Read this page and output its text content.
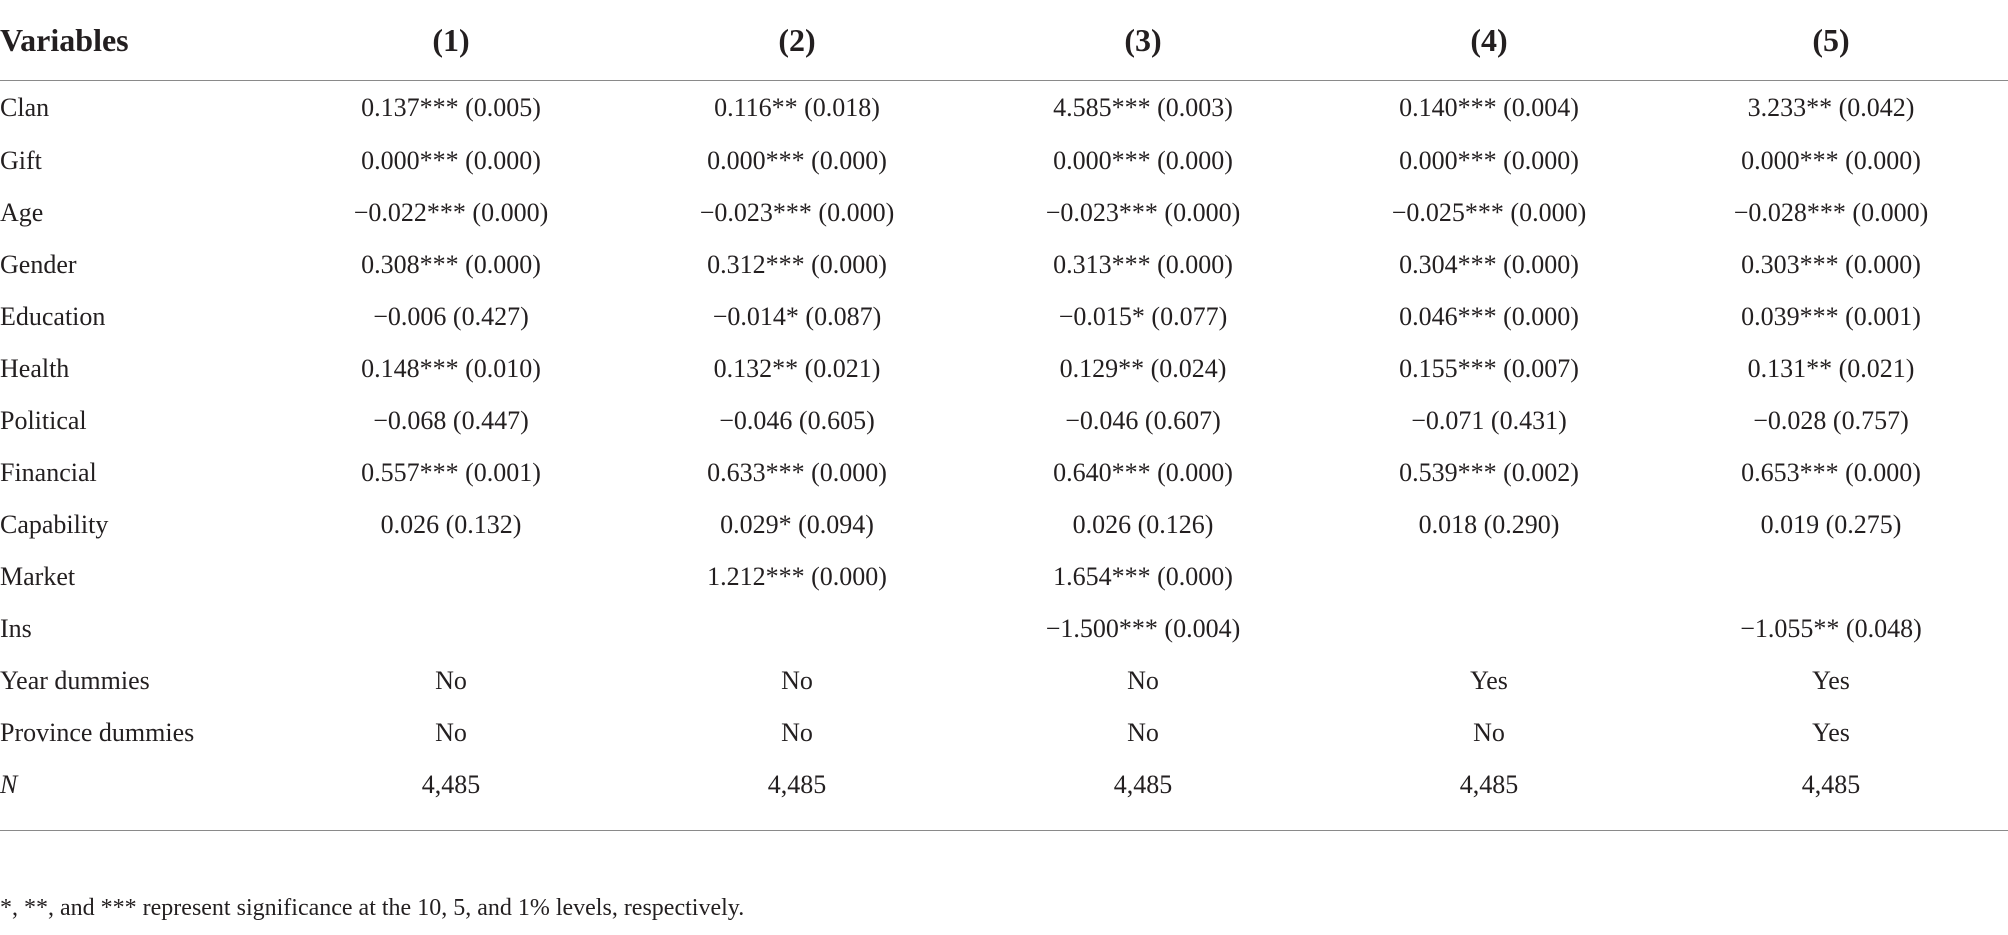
Variables	(1)	(2)	(3)	(4)	(5)
Clan	0.137*** (0.005)	0.116** (0.018)	4.585*** (0.003)	0.140*** (0.004)	3.233** (0.042)
Gift	0.000*** (0.000)	0.000*** (0.000)	0.000*** (0.000)	0.000*** (0.000)	0.000*** (0.000)
Age	−0.022*** (0.000)	−0.023*** (0.000)	−0.023*** (0.000)	−0.025*** (0.000)	−0.028*** (0.000)
Gender	0.308*** (0.000)	0.312*** (0.000)	0.313*** (0.000)	0.304*** (0.000)	0.303*** (0.000)
Education	−0.006 (0.427)	−0.014* (0.087)	−0.015* (0.077)	0.046*** (0.000)	0.039*** (0.001)
Health	0.148*** (0.010)	0.132** (0.021)	0.129** (0.024)	0.155*** (0.007)	0.131** (0.021)
Political	−0.068 (0.447)	−0.046 (0.605)	−0.046 (0.607)	−0.071 (0.431)	−0.028 (0.757)
Financial	0.557*** (0.001)	0.633*** (0.000)	0.640*** (0.000)	0.539*** (0.002)	0.653*** (0.000)
Capability	0.026 (0.132)	0.029* (0.094)	0.026 (0.126)	0.018 (0.290)	0.019 (0.275)
Market		1.212*** (0.000)	1.654*** (0.000)		
Ins			−1.500*** (0.004)		−1.055** (0.048)
Year dummies	No	No	No	Yes	Yes
Province dummies	No	No	No	No	Yes
N	4,485	4,485	4,485	4,485	4,485
*, **, and *** represent significance at the 10, 5, and 1% levels, respectively.
